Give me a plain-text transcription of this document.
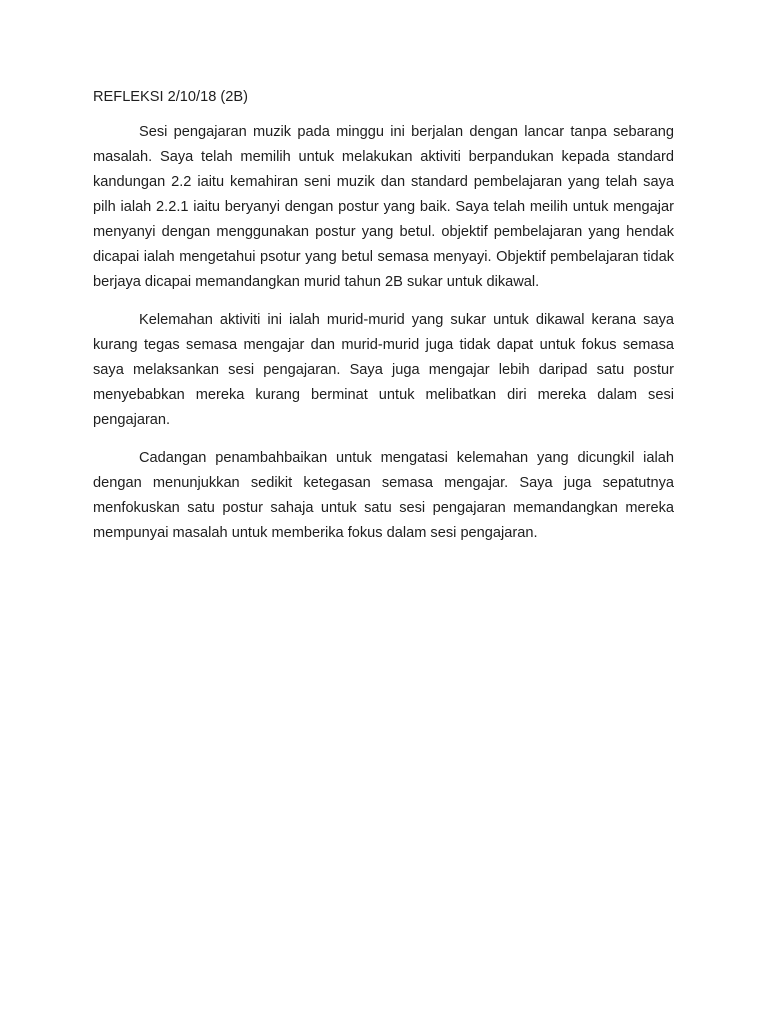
REFLEKSI 2/10/18 (2B)

Sesi pengajaran muzik pada minggu ini berjalan dengan lancar tanpa sebarang masalah. Saya telah memilih untuk melakukan aktiviti berpandukan kepada standard kandungan 2.2 iaitu kemahiran seni muzik dan standard pembelajaran yang telah saya pilh ialah 2.2.1 iaitu beryanyi dengan postur yang baik. Saya telah meilih untuk mengajar menyanyi dengan menggunakan postur yang betul. objektif pembelajaran yang hendak dicapai ialah mengetahui psotur yang betul semasa menyayi. Objektif pembelajaran tidak berjaya dicapai memandangkan murid tahun 2B sukar untuk dikawal.

Kelemahan aktiviti ini ialah murid-murid yang sukar untuk dikawal kerana saya kurang tegas semasa mengajar dan murid-murid juga tidak dapat untuk fokus semasa saya melaksankan sesi pengajaran. Saya juga mengajar lebih daripad satu postur menyebabkan mereka kurang berminat untuk melibatkan diri mereka dalam sesi pengajaran.

Cadangan penambahbaikan untuk mengatasi kelemahan yang dicungkil ialah dengan menunjukkan sedikit ketegasan semasa mengajar. Saya juga sepatutnya menfokuskan satu postur sahaja untuk satu sesi pengajaran memandangkan mereka mempunyai masalah untuk memberika fokus dalam sesi pengajaran.
